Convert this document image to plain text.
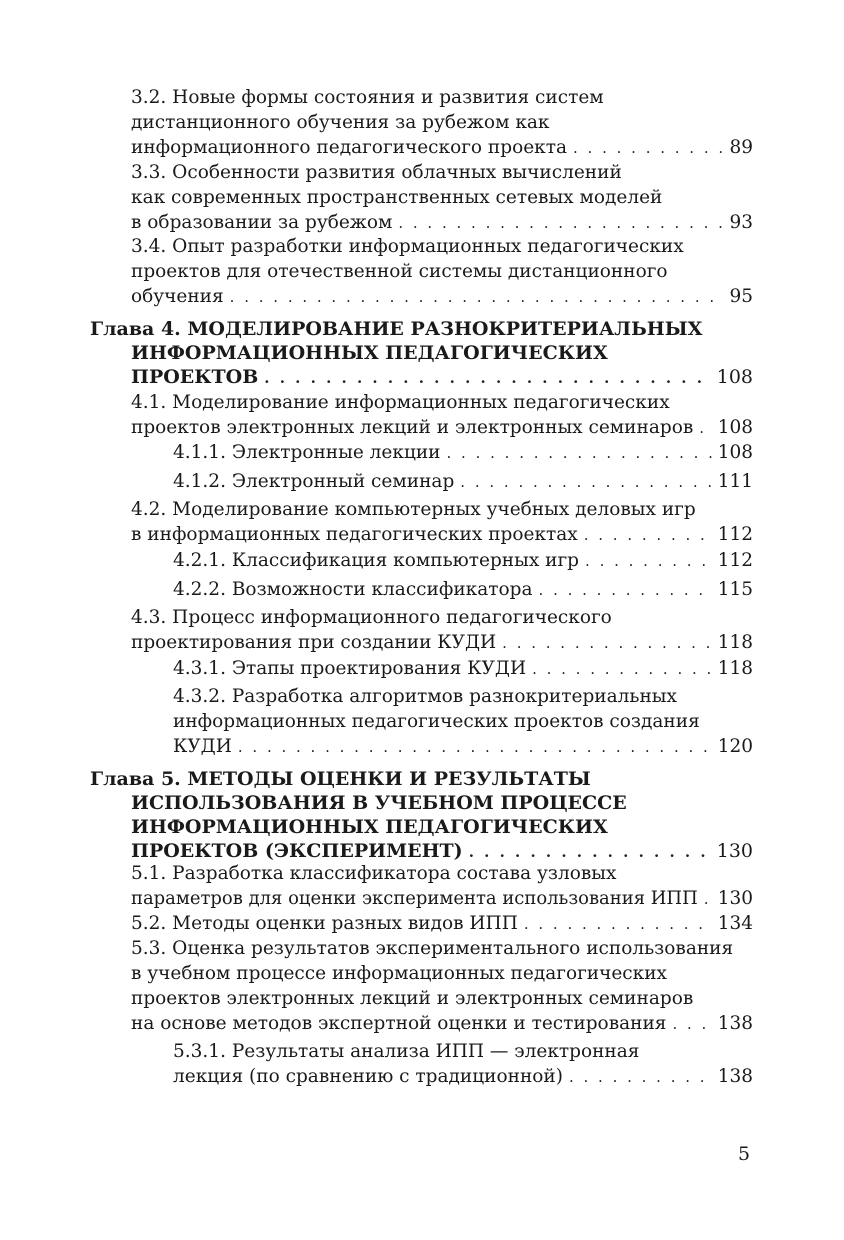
3.2. Новые формы состояния и развития систем
дистанционного обучения за рубежом как
информационного педагогического проекта . . .	89
3.3. Особенности развития облачных вычислений
как современных пространственных сетевых моделей
в образовании за рубежом . . .	93
3.4. Опыт разработки информационных педагогических
проектов для отечественной системы дистанционного
обучения . . .	95
Глава 4. МОДЕЛИРОВАНИЕ РАЗНОКРИТЕРИАЛЬНЫХ
ИНФОРМАЦИОННЫХ ПЕДАГОГИЧЕСКИХ
ПРОЕКТОВ . . .	108
4.1. Моделирование информационных педагогических
проектов электронных лекций и электронных семинаров . . . 108
4.1.1. Электронные лекции . . .	108
4.1.2. Электронный семинар . . .	111
4.2. Моделирование компьютерных учебных деловых игр
в информационных педагогических проектах . . .	112
4.2.1. Классификация компьютерных игр . . .	112
4.2.2. Возможности классификатора . . .	115
4.3. Процесс информационного педагогического
проектирования при создании КУДИ . . .	118
4.3.1. Этапы проектирования КУДИ . . .	118
4.3.2. Разработка алгоритмов разнокритериальных
информационных педагогических проектов создания
КУДИ . . .	120
Глава 5. МЕТОДЫ ОЦЕНКИ И РЕЗУЛЬТАТЫ
ИСПОЛЬЗОВАНИЯ В УЧЕБНОМ ПРОЦЕССЕ
ИНФОРМАЦИОННЫХ ПЕДАГОГИЧЕСКИХ
ПРОЕКТОВ (ЭКСПЕРИМЕНТ) . . .	130
5.1. Разработка классификатора состава узловых
параметров для оценки эксперимента использования ИПП . . . 130
5.2. Методы оценки разных видов ИПП . . .	134
5.3. Оценка результатов экспериментального использования
в учебном процессе информационных педагогических
проектов электронных лекций и электронных семинаров
на основе методов экспертной оценки и тестирования . . .	138
5.3.1. Результаты анализа ИПП — электронная
лекция (по сравнению с традиционной) . . .	138
5
